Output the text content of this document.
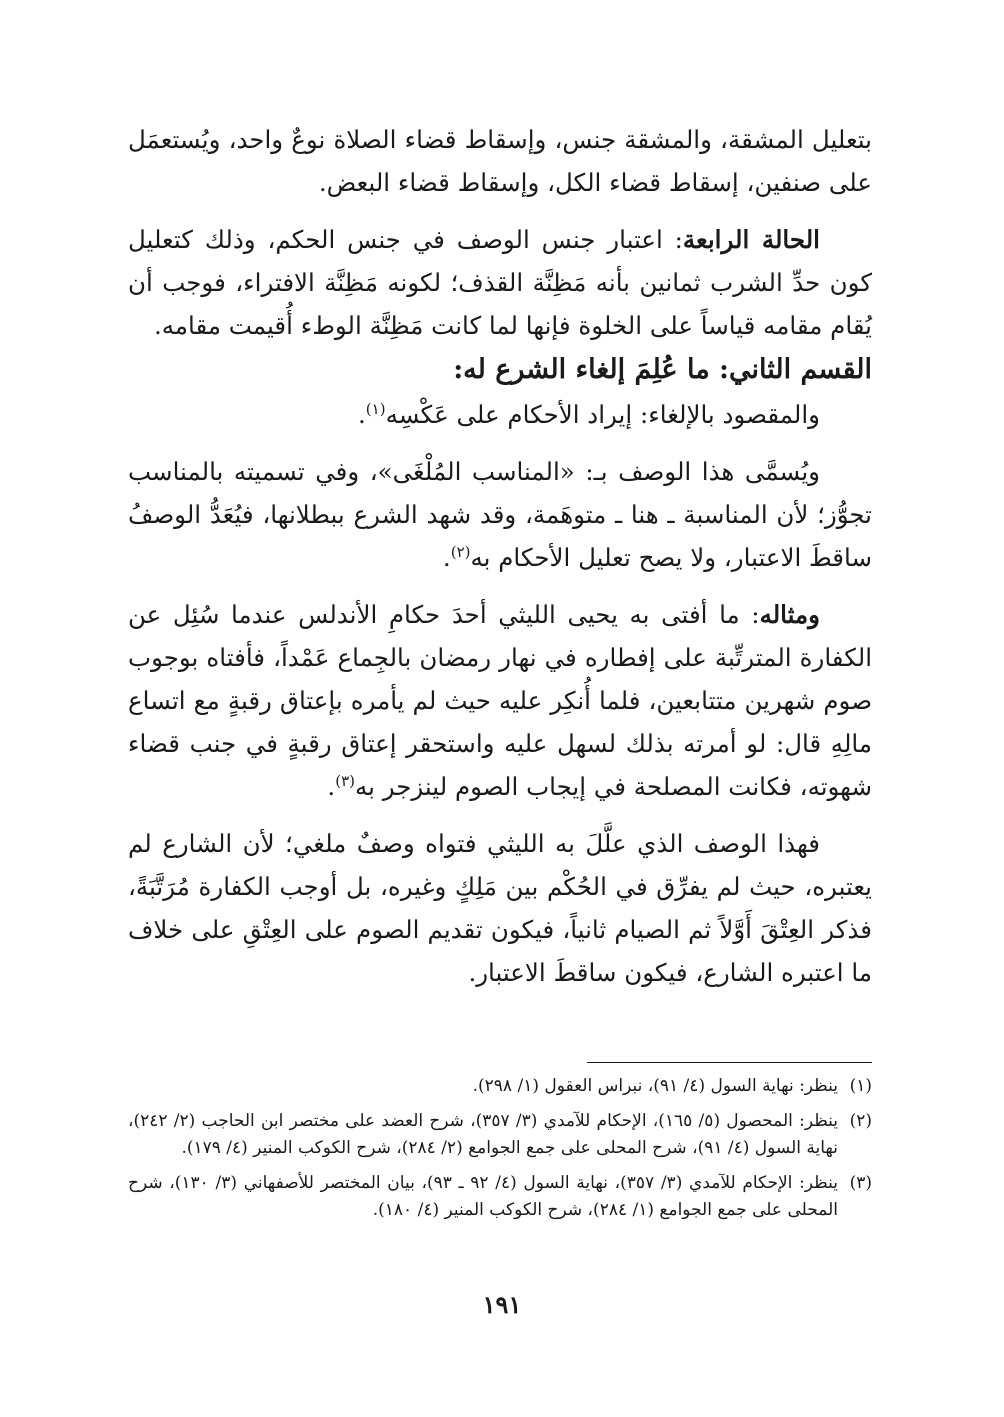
بتعليل المشقة، والمشقة جنس، وإسقاط قضاء الصلاة نوعٌ واحد، ويُستعمَل على صنفين، إسقاط قضاء الكل، وإسقاط قضاء البعض.

الحالة الرابعة: اعتبار جنس الوصف في جنس الحكم، وذلك كتعليل كون حدِّ الشرب ثمانين بأنه مَظِنَّة القذف؛ لكونه مَظِنَّة الافتراء، فوجب أن يُقام مقامه قياساً على الخلوة فإنها لما كانت مَظِنَّة الوطء أُقيمت مقامه.

القسم الثاني: ما عُلِمَ إلغاء الشرع له:

والمقصود بالإلغاء: إيراد الأحكام على عَكْسِه$^{(١)}$.

ويُسمَّى هذا الوصف بـ: «المناسب المُلْغَى»، وفي تسميته بالمناسب تجوُّز؛ لأن المناسبة ـ هنا ـ متوهَمة، وقد شهد الشرع ببطلانها، فيُعَدُّ الوصفُ ساقطَ الاعتبار، ولا يصح تعليل الأحكام به$^{(٢)}$.

ومثاله: ما أفتى به يحيى الليثي أحدَ حكامِ الأندلس عندما سُئِل عن الكفارة المترتِّبة على إفطاره في نهار رمضان بالجِماع عَمْداً، فأفتاه بوجوب صوم شهرين متتابعين، فلما أُنكِر عليه حيث لم يأمره بإعتاق رقبةٍ مع اتساع مالِهِ قال: لو أمرته بذلك لسهل عليه واستحقر إعتاق رقبةٍ في جنب قضاء شهوته، فكانت المصلحة في إيجاب الصوم لينزجر به$^{(٣)}$.

فهذا الوصف الذي علَّلَ به الليثي فتواه وصفٌ ملغي؛ لأن الشارع لم يعتبره، حيث لم يفرِّق في الحُكْم بين مَلِكٍ وغيره، بل أوجب الكفارة مُرَتَّبَةً، فذكر العِتْقَ أَوَّلاً ثم الصيام ثانياً، فيكون تقديم الصوم على العِتْقِ على خلاف ما اعتبره الشارع، فيكون ساقطَ الاعتبار.

(١)
ينظر: نهاية السول (٤/ ٩١)، نبراس العقول (١/ ٢٩٨).
(٢)
ينظر: المحصول (٥/ ١٦٥)، الإحكام للآمدي (٣/ ٣٥٧)، شرح العضد على مختصر ابن الحاجب (٢/ ٢٤٢)، نهاية السول (٤/ ٩١)، شرح المحلى على جمع الجوامع (٢/ ٢٨٤)، شرح الكوكب المنير (٤/ ١٧٩).
(٣)
ينظر: الإحكام للآمدي (٣/ ٣٥٧)، نهاية السول (٤/ ٩٢ ـ ٩٣)، بيان المختصر للأصفهاني (٣/ ١٣٠)، شرح المحلى على جمع الجوامع (١/ ٢٨٤)، شرح الكوكب المنير (٤/ ١٨٠).
١٩١
